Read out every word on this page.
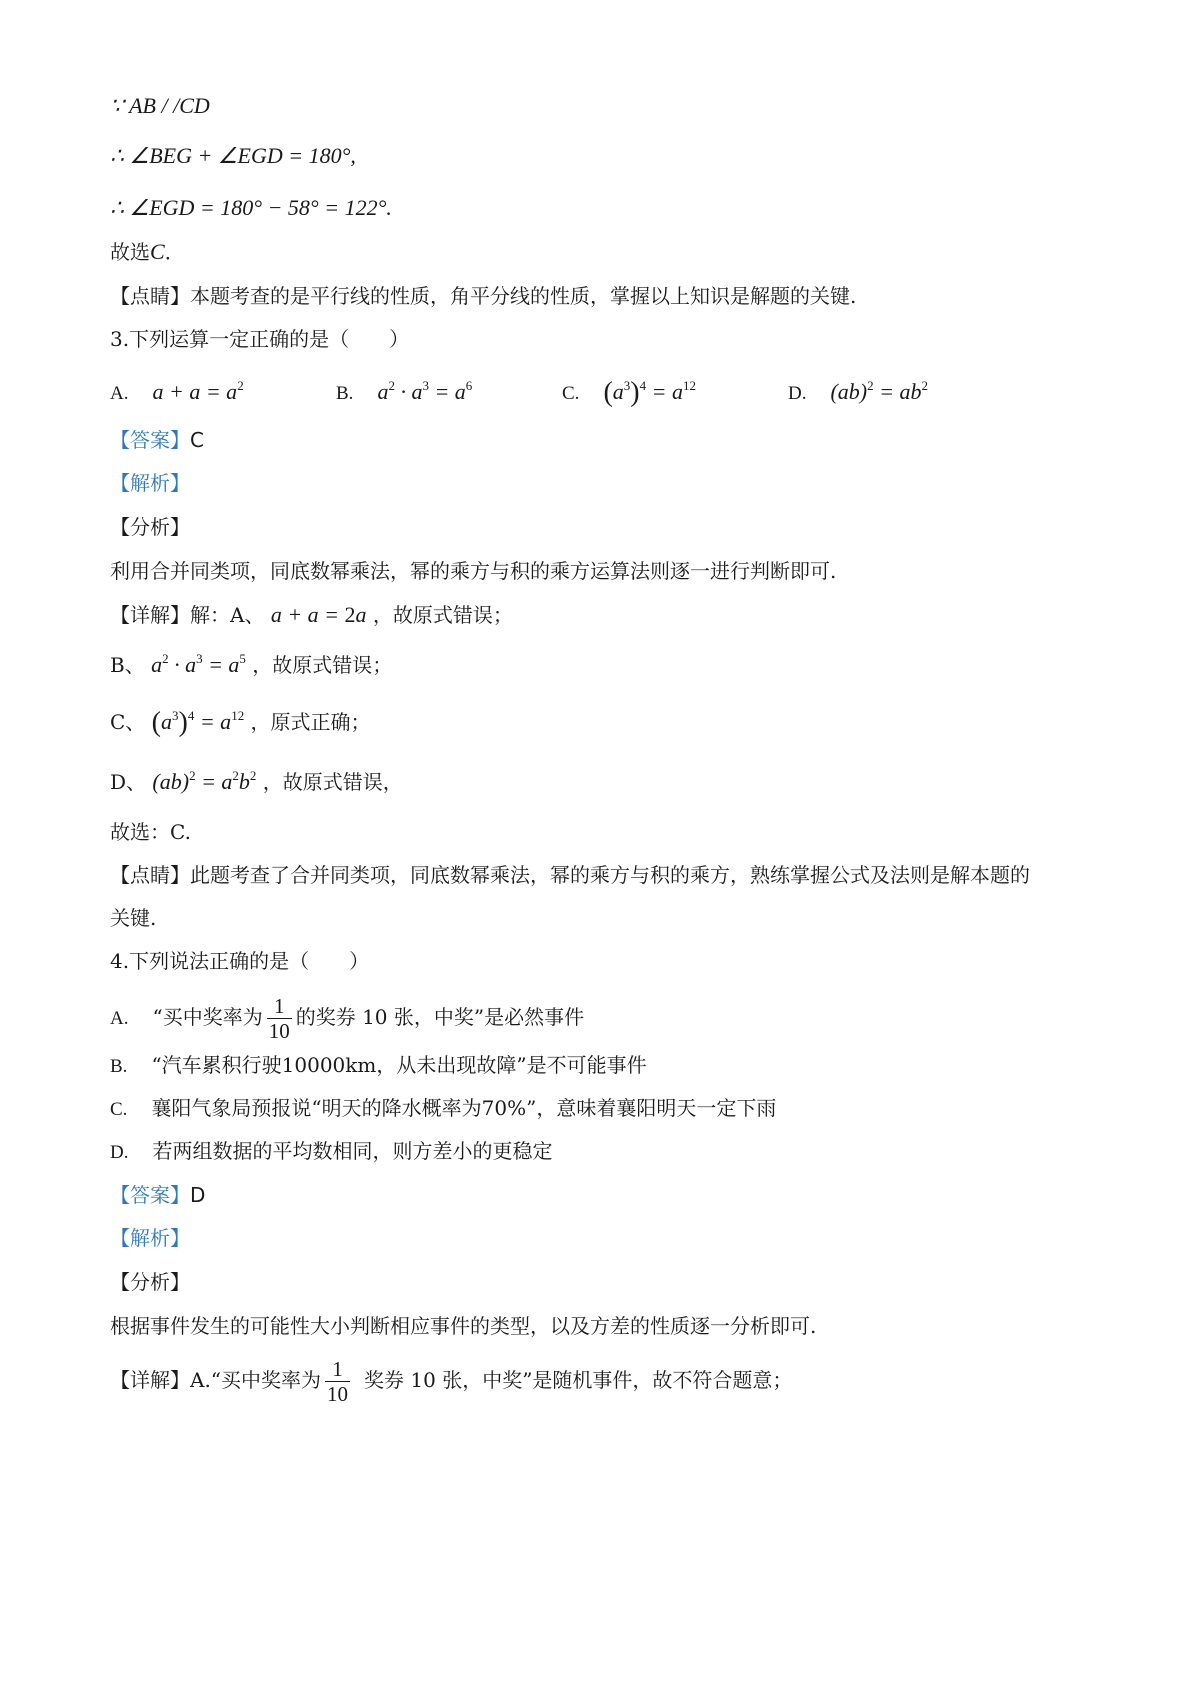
∵ AB / /CD
∴ ∠BEG + ∠EGD = 180°,
∴ ∠EGD = 180° − 58° = 122°.
故选C．
【点睛】本题考查的是平行线的性质，角平分线的性质，掌握以上知识是解题的关键.
3.下列运算一定正确的是（　　）
A. $a + a = a^2$	B. $a^2 \cdot a^3 = a^6$	C. $(a^3)^4 = a^{12}$	D. $(ab)^2 = ab^2$
【答案】C
【解析】
【分析】
利用合并同类项，同底数幂乘法，幂的乘方与积的乘方运算法则逐一进行判断即可.
【详解】解：A、 a + a = 2a ，故原式错误；
B、 $a^2 \cdot a^3 = a^5$ ，故原式错误；
C、 $(a^3)^4 = a^{12}$ ，原式正确；
D、 $(ab)^2 = a^2b^2$ ，故原式错误，
故选：C.
【点睛】此题考查了合并同类项，同底数幂乘法，幂的乘方与积的乘方，熟练掌握公式及法则是解本题的
关键.
4.下列说法正确的是（　　）
A. “买中奖率为 $\frac{1}{10}$ 的奖券 10 张，中奖”是必然事件
B. “汽车累积行驶10000km，从未出现故障”是不可能事件
C. 襄阳气象局预报说“明天的降水概率为70%”，意味着襄阳明天一定下雨
D. 若两组数据的平均数相同，则方差小的更稳定
【答案】D
【解析】
【分析】
根据事件发生的可能性大小判断相应事件的类型，以及方差的性质逐一分析即可.
【详解】A.“买中奖率为 $\frac{1}{10}$ 奖券 10 张，中奖”是随机事件，故不符合题意；
